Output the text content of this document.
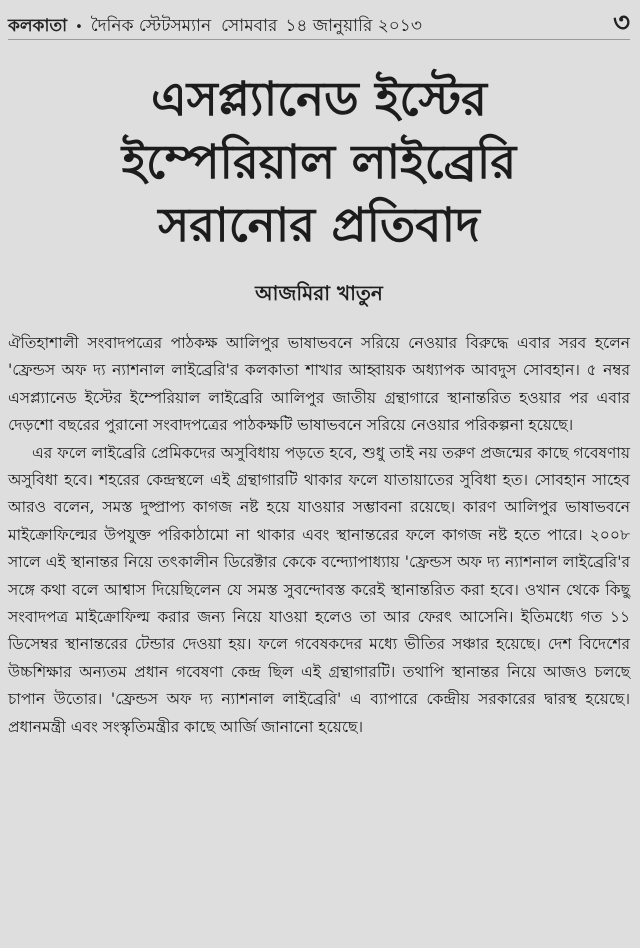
কলকাতা • দৈনিক স্টেটসম্যান সোমবার ১৪ জানুয়ারি ২০১৩	৩
এসপ্ল্যানেড ইস্টের
ইম্পেরিয়াল লাইব্রেরি
সরানোর প্রতিবাদ
আজমিরা খাতুন

ঐতিহাশালী সংবাদপত্রের পাঠকক্ষ আলিপুর ভাষাভবনে সরিয়ে নেওয়ার বিরুদ্ধে এবার সরব হলেন 'ফ্রেন্ডস অফ দ্য ন্যাশনাল লাইব্রেরি'র কলকাতা শাখার আহ্বায়ক অধ্যাপক আবদুস সোবহান। ৫ নম্বর এসপ্ল্যানেড ইস্টের ইম্পেরিয়াল লাইব্রেরি আলিপুর জাতীয় গ্রন্থাগারে স্থানান্তরিত হওয়ার পর এবার দেড়শো বছরের পুরানো সংবাদপত্রের পাঠকক্ষটি ভাষাভবনে সরিয়ে নেওয়ার পরিকল্পনা হয়েছে।

এর ফলে লাইব্রেরি প্রেমিকদের অসুবিধায় পড়তে হবে, শুধু তাই নয় তরুণ প্রজন্মের কাছে গবেষণায় অসুবিধা হবে। শহরের কেন্দ্রস্থলে এই গ্রন্থাগারটি থাকার ফলে যাতায়াতের সুবিধা হত। সোবহান সাহেব আরও বলেন, সমস্ত দুষ্প্রাপ্য কাগজ নষ্ট হয়ে যাওয়ার সম্ভাবনা রয়েছে। কারণ আলিপুর ভাষাভবনে মাইক্রোফিল্মের উপযুক্ত পরিকাঠামো না থাকার এবং স্থানান্তরের ফলে কাগজ নষ্ট হতে পারে। ২০০৮ সালে এই স্থানান্তর নিয়ে তৎকালীন ডিরেক্টার কেকে বন্দ্যোপাধ্যায় 'ফ্রেন্ডস অফ দ্য ন্যাশনাল লাইব্রেরি'র সঙ্গে কথা বলে আশ্বাস দিয়েছিলেন যে সমস্ত সুবন্দোবস্ত করেই স্থানান্তরিত করা হবে। ওখান থেকে কিছু সংবাদপত্র মাইক্রোফিল্ম করার জন্য নিয়ে যাওয়া হলেও তা আর ফেরৎ আসেনি। ইতিমধ্যে গত ১১ ডিসেম্বর স্থানান্তরের টেন্ডার দেওয়া হয়। ফলে গবেষকদের মধ্যে ভীতির সঞ্চার হয়েছে। দেশ বিদেশের উচ্চশিক্ষার অন্যতম প্রধান গবেষণা কেন্দ্র ছিল এই গ্রন্থাগারটি। তথাপি স্থানান্তর নিয়ে আজও চলছে চাপান উতোর। 'ফ্রেন্ডস অফ দ্য ন্যাশনাল লাইব্রেরি' এ ব্যাপারে কেন্দ্রীয় সরকারের দ্বারস্থ হয়েছে। প্রধানমন্ত্রী এবং সংস্কৃতিমন্ত্রীর কাছে আর্জি জানানো হয়েছে।
